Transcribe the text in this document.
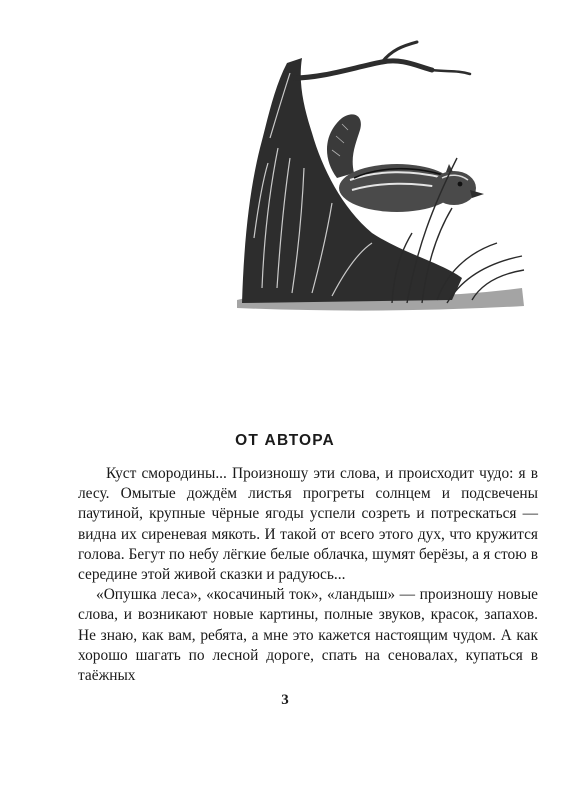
ОТ АВТОРА

Куст смородины... Произношу эти слова, и происходит чудо: я в лесу. Омытые дождём листья прогреты солнцем и подсвечены паутиной, крупные чёрные ягоды успели созреть и потрескаться — видна их сиреневая мякоть. И такой от всего этого дух, что кружится голова. Бегут по небу лёгкие белые облачка, шумят берёзы, а я стою в середине этой живой сказки и радуюсь...

«Опушка леса», «косачиный ток», «ландыш» — произношу новые слова, и возникают новые картины, полные звуков, красок, запахов. Не знаю, как вам, ребята, а мне это кажется настоящим чудом. А как хорошо шагать по лесной дороге, спать на сеновалах, купаться в таёжных

3
